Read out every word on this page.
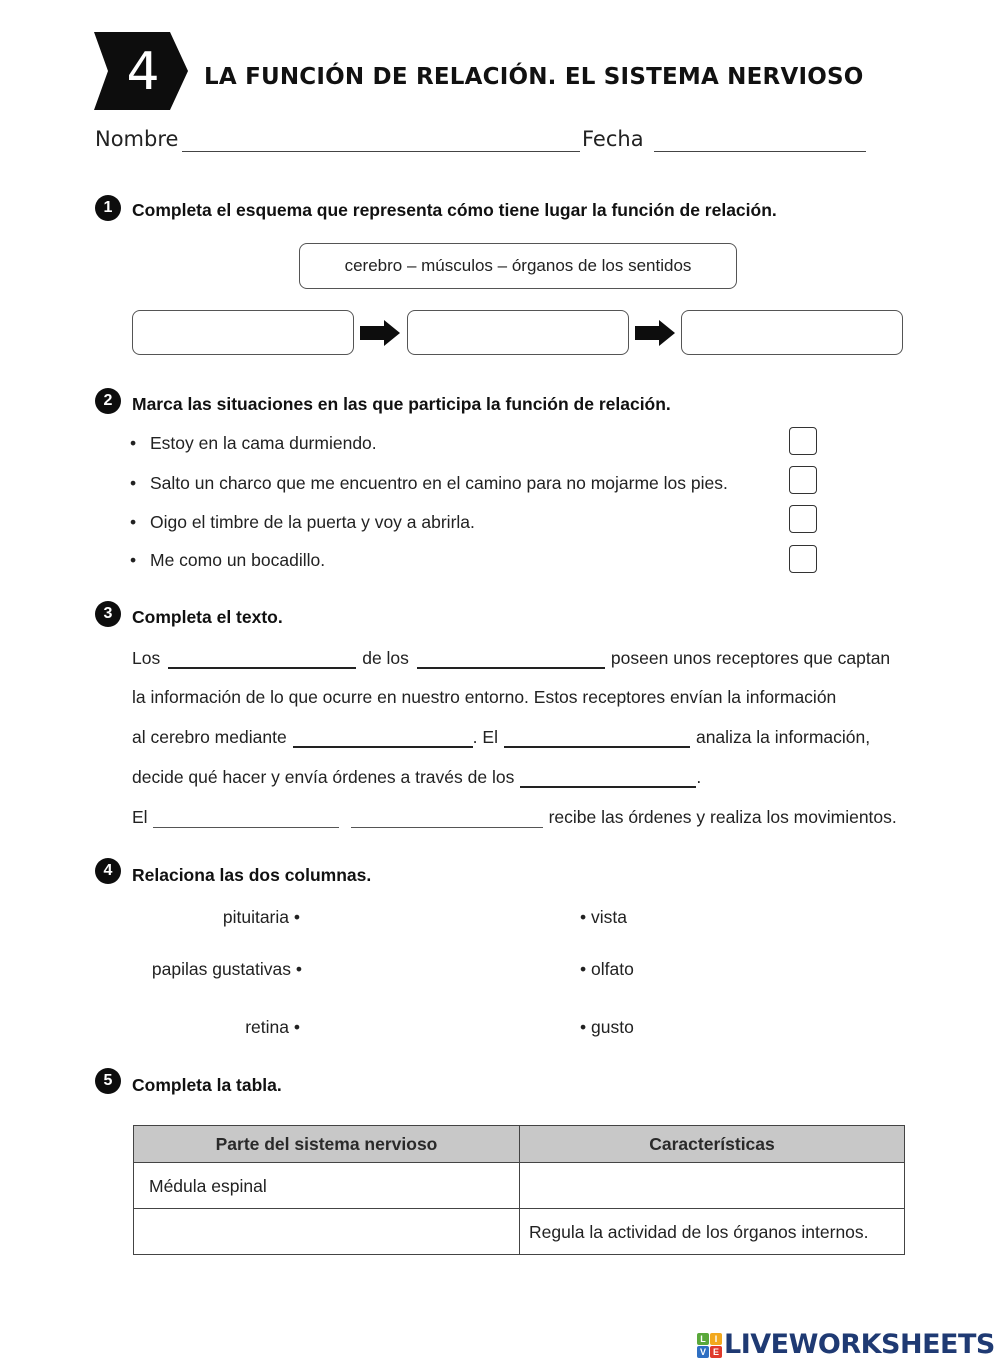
4	LA FUNCIÓN DE RELACIÓN. EL SISTEMA NERVIOSO
Nombre	Fecha
1	Completa el esquema que representa cómo tiene lugar la función de relación.
cerebro – músculos – órganos de los sentidos
2	Marca las situaciones en las que participa la función de relación.
• Estoy en la cama durmiendo.
• Salto un charco que me encuentro en el camino para no mojarme los pies.
• Oigo el timbre de la puerta y voy a abrirla.
• Me como un bocadillo.
3	Completa el texto.
Los	de los	poseen unos receptores que captan
la información de lo que ocurre en nuestro entorno. Estos receptores envían la información
al cerebro mediante	. El	analiza la información,
decide qué hacer y envía órdenes a través de los	.
El	recibe las órdenes y realiza los movimientos.
4	Relaciona las dos columnas.
pituitaria •
papilas gustativas •
retina •
• vista
• olfato
• gusto
5	Completa la tabla.
Parte del sistema nervioso	Características
Médula espinal	
	Regula la actividad de los órganos internos.
L I
V E LIVEWORKSHEETS
